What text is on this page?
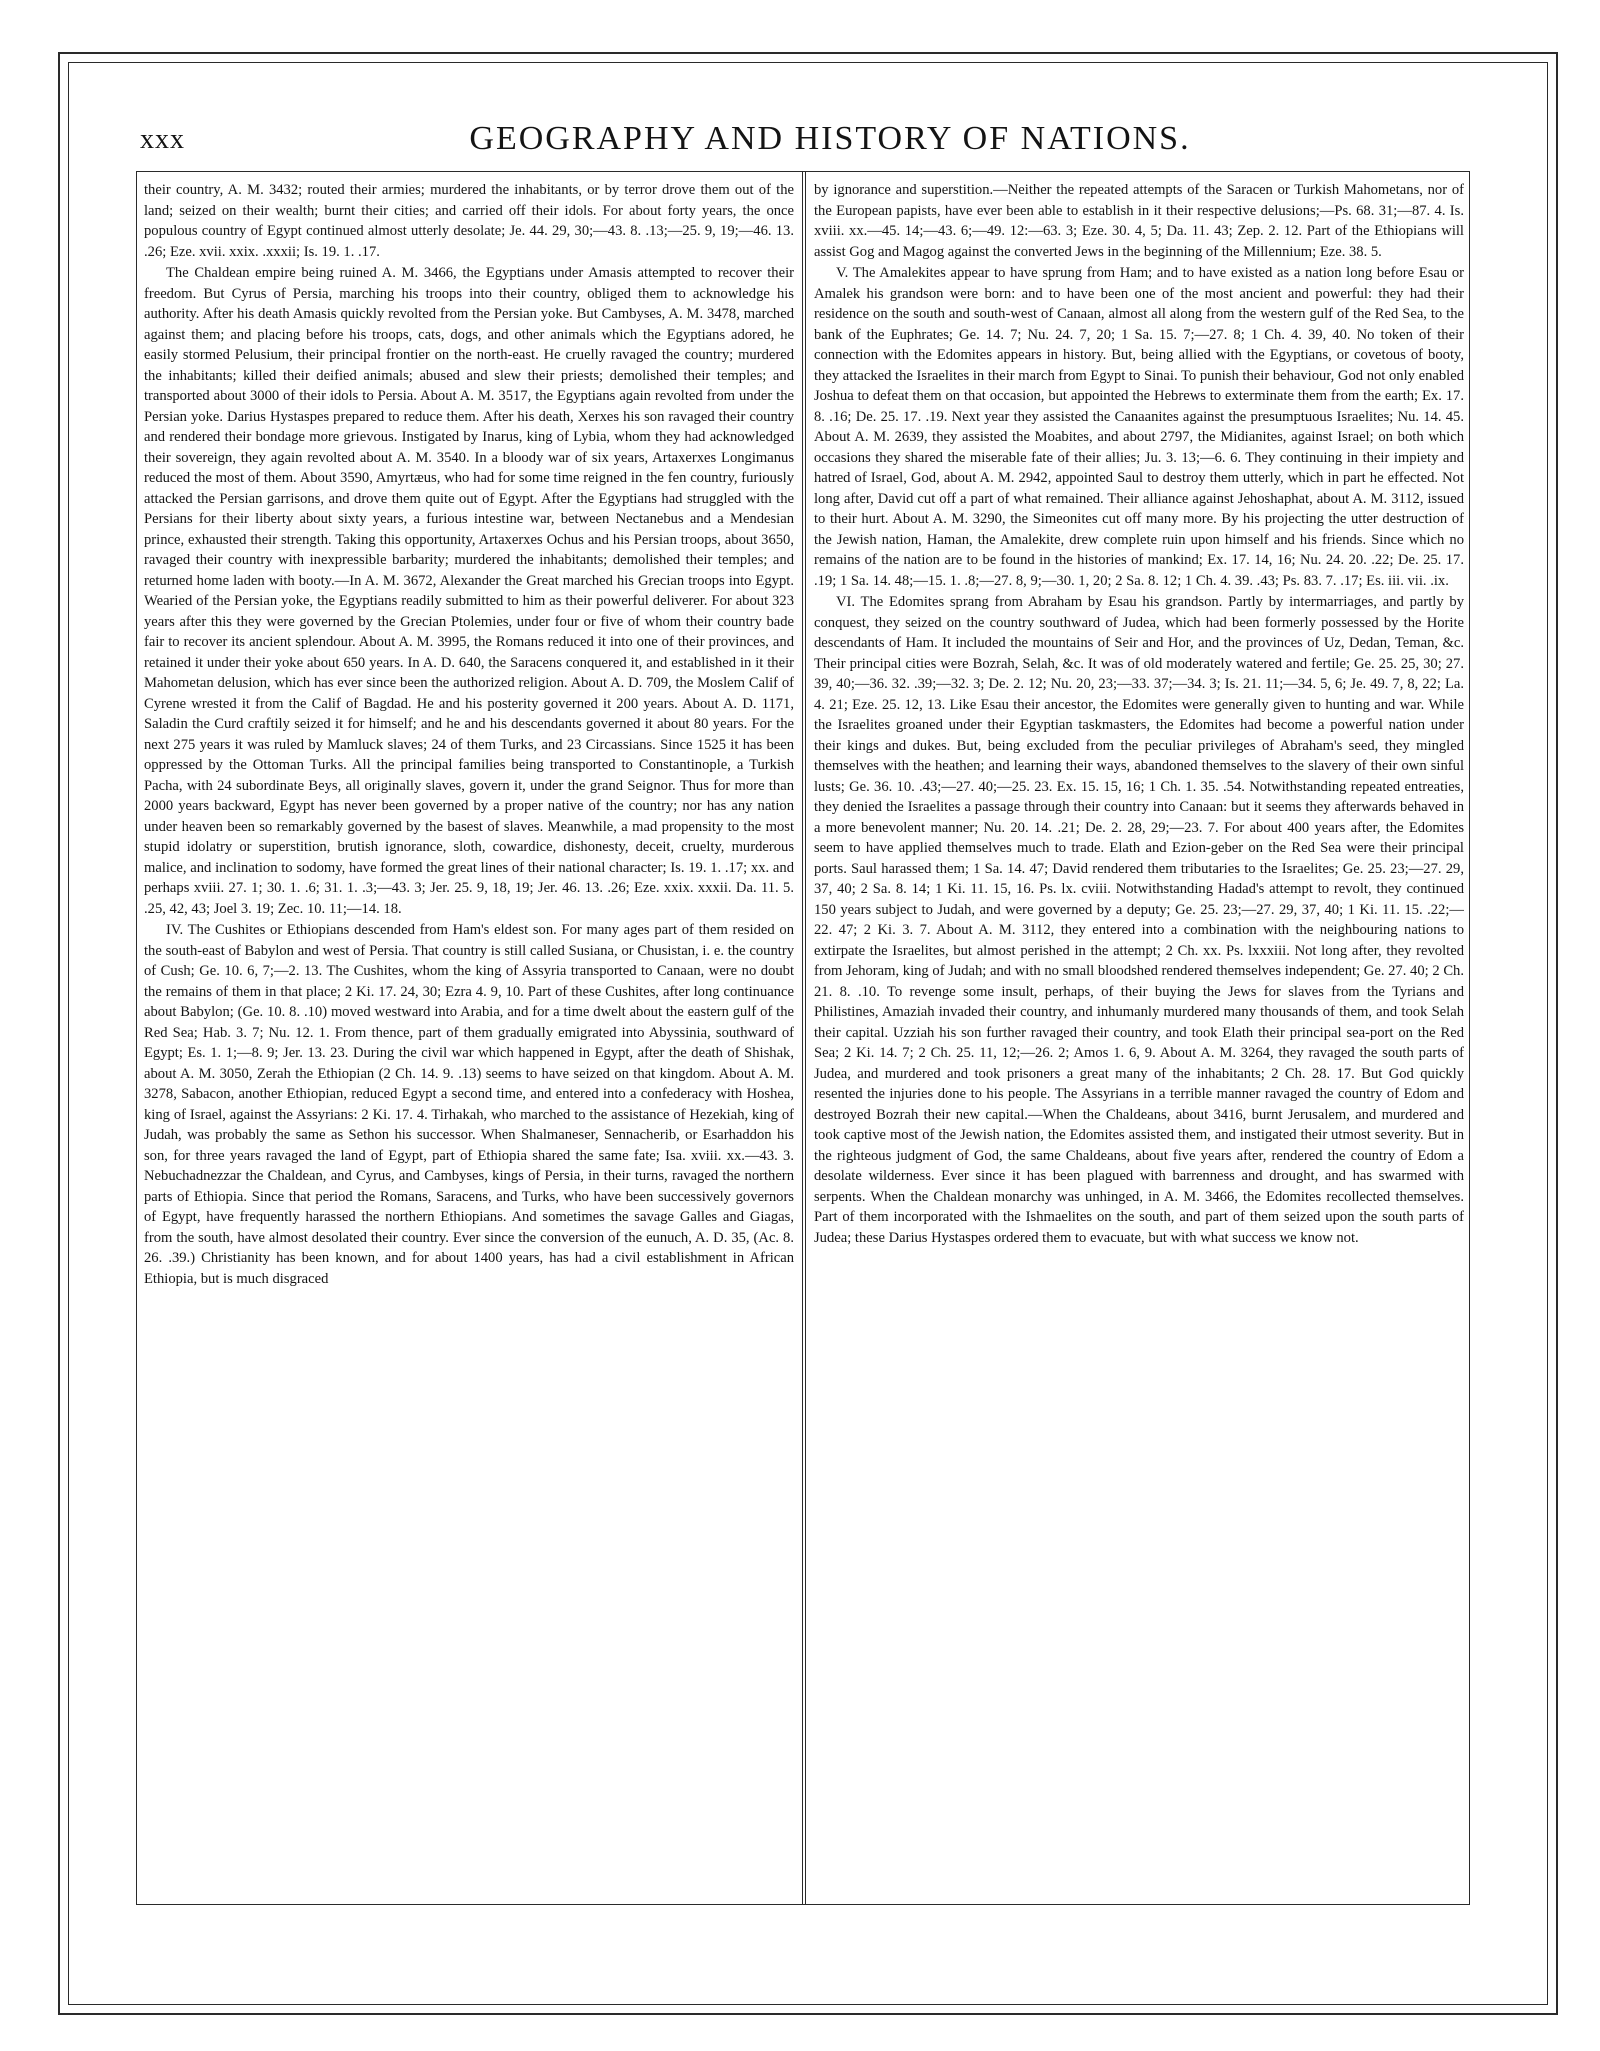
xxx	GEOGRAPHY AND HISTORY OF NATIONS.

their country, A. M. 3432; routed their armies; murdered the inhabitants, or by terror drove them out of the land; seized on their wealth; burnt their cities; and carried off their idols. For about forty years, the once populous country of Egypt continued almost utterly desolate; Je. 44. 29, 30;—43. 8. .13;—25. 9, 19;—46. 13. .26; Eze. xvii. xxix. .xxxii; Is. 19. 1. .17.

The Chaldean empire being ruined A. M. 3466, the Egyptians under Amasis attempted to recover their freedom. But Cyrus of Persia, marching his troops into their country, obliged them to acknowledge his authority. After his death Amasis quickly revolted from the Persian yoke. But Cambyses, A. M. 3478, marched against them; and placing before his troops, cats, dogs, and other animals which the Egyptians adored, he easily stormed Pelusium, their principal frontier on the north-east. He cruelly ravaged the country; murdered the inhabitants; killed their deified animals; abused and slew their priests; demolished their temples; and transported about 3000 of their idols to Persia. About A. M. 3517, the Egyptians again revolted from under the Persian yoke. Darius Hystaspes prepared to reduce them. After his death, Xerxes his son ravaged their country and rendered their bondage more grievous. Instigated by Inarus, king of Lybia, whom they had acknowledged their sovereign, they again revolted about A. M. 3540. In a bloody war of six years, Artaxerxes Longimanus reduced the most of them. About 3590, Amyrtæus, who had for some time reigned in the fen country, furiously attacked the Persian garrisons, and drove them quite out of Egypt. After the Egyptians had struggled with the Persians for their liberty about sixty years, a furious intestine war, between Nectanebus and a Mendesian prince, exhausted their strength. Taking this opportunity, Artaxerxes Ochus and his Persian troops, about 3650, ravaged their country with inexpressible barbarity; murdered the inhabitants; demolished their temples; and returned home laden with booty.—In A. M. 3672, Alexander the Great marched his Grecian troops into Egypt. Wearied of the Persian yoke, the Egyptians readily submitted to him as their powerful deliverer. For about 323 years after this they were governed by the Grecian Ptolemies, under four or five of whom their country bade fair to recover its ancient splendour. About A. M. 3995, the Romans reduced it into one of their provinces, and retained it under their yoke about 650 years. In A. D. 640, the Saracens conquered it, and established in it their Mahometan delusion, which has ever since been the authorized religion. About A. D. 709, the Moslem Calif of Cyrene wrested it from the Calif of Bagdad. He and his posterity governed it 200 years. About A. D. 1171, Saladin the Curd craftily seized it for himself; and he and his descendants governed it about 80 years. For the next 275 years it was ruled by Mamluck slaves; 24 of them Turks, and 23 Circassians. Since 1525 it has been oppressed by the Ottoman Turks. All the principal families being transported to Constantinople, a Turkish Pacha, with 24 subordinate Beys, all originally slaves, govern it, under the grand Seignor. Thus for more than 2000 years backward, Egypt has never been governed by a proper native of the country; nor has any nation under heaven been so remarkably governed by the basest of slaves. Meanwhile, a mad propensity to the most stupid idolatry or superstition, brutish ignorance, sloth, cowardice, dishonesty, deceit, cruelty, murderous malice, and inclination to sodomy, have formed the great lines of their national character; Is. 19. 1. .17; xx. and perhaps xviii. 27. 1; 30. 1. .6; 31. 1. .3;—43. 3; Jer. 25. 9, 18, 19; Jer. 46. 13. .26; Eze. xxix. xxxii. Da. 11. 5. .25, 42, 43; Joel 3. 19; Zec. 10. 11;—14. 18.

IV. The Cushites or Ethiopians descended from Ham's eldest son. For many ages part of them resided on the south-east of Babylon and west of Persia. That country is still called Susiana, or Chusistan, i. e. the country of Cush; Ge. 10. 6, 7;—2. 13. The Cushites, whom the king of Assyria transported to Canaan, were no doubt the remains of them in that place; 2 Ki. 17. 24, 30; Ezra 4. 9, 10. Part of these Cushites, after long continuance about Babylon; (Ge. 10. 8. .10) moved westward into Arabia, and for a time dwelt about the eastern gulf of the Red Sea; Hab. 3. 7; Nu. 12. 1. From thence, part of them gradually emigrated into Abyssinia, southward of Egypt; Es. 1. 1;—8. 9; Jer. 13. 23. During the civil war which happened in Egypt, after the death of Shishak, about A. M. 3050, Zerah the Ethiopian (2 Ch. 14. 9. .13) seems to have seized on that kingdom. About A. M. 3278, Sabacon, another Ethiopian, reduced Egypt a second time, and entered into a confederacy with Hoshea, king of Israel, against the Assyrians: 2 Ki. 17. 4. Tirhakah, who marched to the assistance of Hezekiah, king of Judah, was probably the same as Sethon his successor. When Shalmaneser, Sennacherib, or Esarhaddon his son, for three years ravaged the land of Egypt, part of Ethiopia shared the same fate; Isa. xviii. xx.—43. 3. Nebuchadnezzar the Chaldean, and Cyrus, and Cambyses, kings of Persia, in their turns, ravaged the northern parts of Ethiopia. Since that period the Romans, Saracens, and Turks, who have been successively governors of Egypt, have frequently harassed the northern Ethiopians. And sometimes the savage Galles and Giagas, from the south, have almost desolated their country. Ever since the conversion of the eunuch, A. D. 35, (Ac. 8. 26. .39.) Christianity has been known, and for about 1400 years, has had a civil establishment in African Ethiopia, but is much disgraced

by ignorance and superstition.—Neither the repeated attempts of the Saracen or Turkish Mahometans, nor of the European papists, have ever been able to establish in it their respective delusions;—Ps. 68. 31;—87. 4. Is. xviii. xx.—45. 14;—43. 6;—49. 12:—63. 3; Eze. 30. 4, 5; Da. 11. 43; Zep. 2. 12. Part of the Ethiopians will assist Gog and Magog against the converted Jews in the beginning of the Millennium; Eze. 38. 5.

V. The Amalekites appear to have sprung from Ham; and to have existed as a nation long before Esau or Amalek his grandson were born: and to have been one of the most ancient and powerful: they had their residence on the south and south-west of Canaan, almost all along from the western gulf of the Red Sea, to the bank of the Euphrates; Ge. 14. 7; Nu. 24. 7, 20; 1 Sa. 15. 7;—27. 8; 1 Ch. 4. 39, 40. No token of their connection with the Edomites appears in history. But, being allied with the Egyptians, or covetous of booty, they attacked the Israelites in their march from Egypt to Sinai. To punish their behaviour, God not only enabled Joshua to defeat them on that occasion, but appointed the Hebrews to exterminate them from the earth; Ex. 17. 8. .16; De. 25. 17. .19. Next year they assisted the Canaanites against the presumptuous Israelites; Nu. 14. 45. About A. M. 2639, they assisted the Moabites, and about 2797, the Midianites, against Israel; on both which occasions they shared the miserable fate of their allies; Ju. 3. 13;—6. 6. They continuing in their impiety and hatred of Israel, God, about A. M. 2942, appointed Saul to destroy them utterly, which in part he effected. Not long after, David cut off a part of what remained. Their alliance against Jehoshaphat, about A. M. 3112, issued to their hurt. About A. M. 3290, the Simeonites cut off many more. By his projecting the utter destruction of the Jewish nation, Haman, the Amalekite, drew complete ruin upon himself and his friends. Since which no remains of the nation are to be found in the histories of mankind; Ex. 17. 14, 16; Nu. 24. 20. .22; De. 25. 17. .19; 1 Sa. 14. 48;—15. 1. .8;—27. 8, 9;—30. 1, 20; 2 Sa. 8. 12; 1 Ch. 4. 39. .43; Ps. 83. 7. .17; Es. iii. vii. .ix.

VI. The Edomites sprang from Abraham by Esau his grandson. Partly by intermarriages, and partly by conquest, they seized on the country southward of Judea, which had been formerly possessed by the Horite descendants of Ham. It included the mountains of Seir and Hor, and the provinces of Uz, Dedan, Teman, &c. Their principal cities were Bozrah, Selah, &c. It was of old moderately watered and fertile; Ge. 25. 25, 30; 27. 39, 40;—36. 32. .39;—32. 3; De. 2. 12; Nu. 20, 23;—33. 37;—34. 3; Is. 21. 11;—34. 5, 6; Je. 49. 7, 8, 22; La. 4. 21; Eze. 25. 12, 13. Like Esau their ancestor, the Edomites were generally given to hunting and war. While the Israelites groaned under their Egyptian taskmasters, the Edomites had become a powerful nation under their kings and dukes. But, being excluded from the peculiar privileges of Abraham's seed, they mingled themselves with the heathen; and learning their ways, abandoned themselves to the slavery of their own sinful lusts; Ge. 36. 10. .43;—27. 40;—25. 23. Ex. 15. 15, 16; 1 Ch. 1. 35. .54. Notwithstanding repeated entreaties, they denied the Israelites a passage through their country into Canaan: but it seems they afterwards behaved in a more benevolent manner; Nu. 20. 14. .21; De. 2. 28, 29;—23. 7. For about 400 years after, the Edomites seem to have applied themselves much to trade. Elath and Ezion-geber on the Red Sea were their principal ports. Saul harassed them; 1 Sa. 14. 47; David rendered them tributaries to the Israelites; Ge. 25. 23;—27. 29, 37, 40; 2 Sa. 8. 14; 1 Ki. 11. 15, 16. Ps. lx. cviii. Notwithstanding Hadad's attempt to revolt, they continued 150 years subject to Judah, and were governed by a deputy; Ge. 25. 23;—27. 29, 37, 40; 1 Ki. 11. 15. .22;—22. 47; 2 Ki. 3. 7. About A. M. 3112, they entered into a combination with the neighbouring nations to extirpate the Israelites, but almost perished in the attempt; 2 Ch. xx. Ps. lxxxiii. Not long after, they revolted from Jehoram, king of Judah; and with no small bloodshed rendered themselves independent; Ge. 27. 40; 2 Ch. 21. 8. .10. To revenge some insult, perhaps, of their buying the Jews for slaves from the Tyrians and Philistines, Amaziah invaded their country, and inhumanly murdered many thousands of them, and took Selah their capital. Uzziah his son further ravaged their country, and took Elath their principal sea-port on the Red Sea; 2 Ki. 14. 7; 2 Ch. 25. 11, 12;—26. 2; Amos 1. 6, 9. About A. M. 3264, they ravaged the south parts of Judea, and murdered and took prisoners a great many of the inhabitants; 2 Ch. 28. 17. But God quickly resented the injuries done to his people. The Assyrians in a terrible manner ravaged the country of Edom and destroyed Bozrah their new capital.—When the Chaldeans, about 3416, burnt Jerusalem, and murdered and took captive most of the Jewish nation, the Edomites assisted them, and instigated their utmost severity. But in the righteous judgment of God, the same Chaldeans, about five years after, rendered the country of Edom a desolate wilderness. Ever since it has been plagued with barrenness and drought, and has swarmed with serpents. When the Chaldean monarchy was unhinged, in A. M. 3466, the Edomites recollected themselves. Part of them incorporated with the Ishmaelites on the south, and part of them seized upon the south parts of Judea; these Darius Hystaspes ordered them to evacuate, but with what success we know not.
